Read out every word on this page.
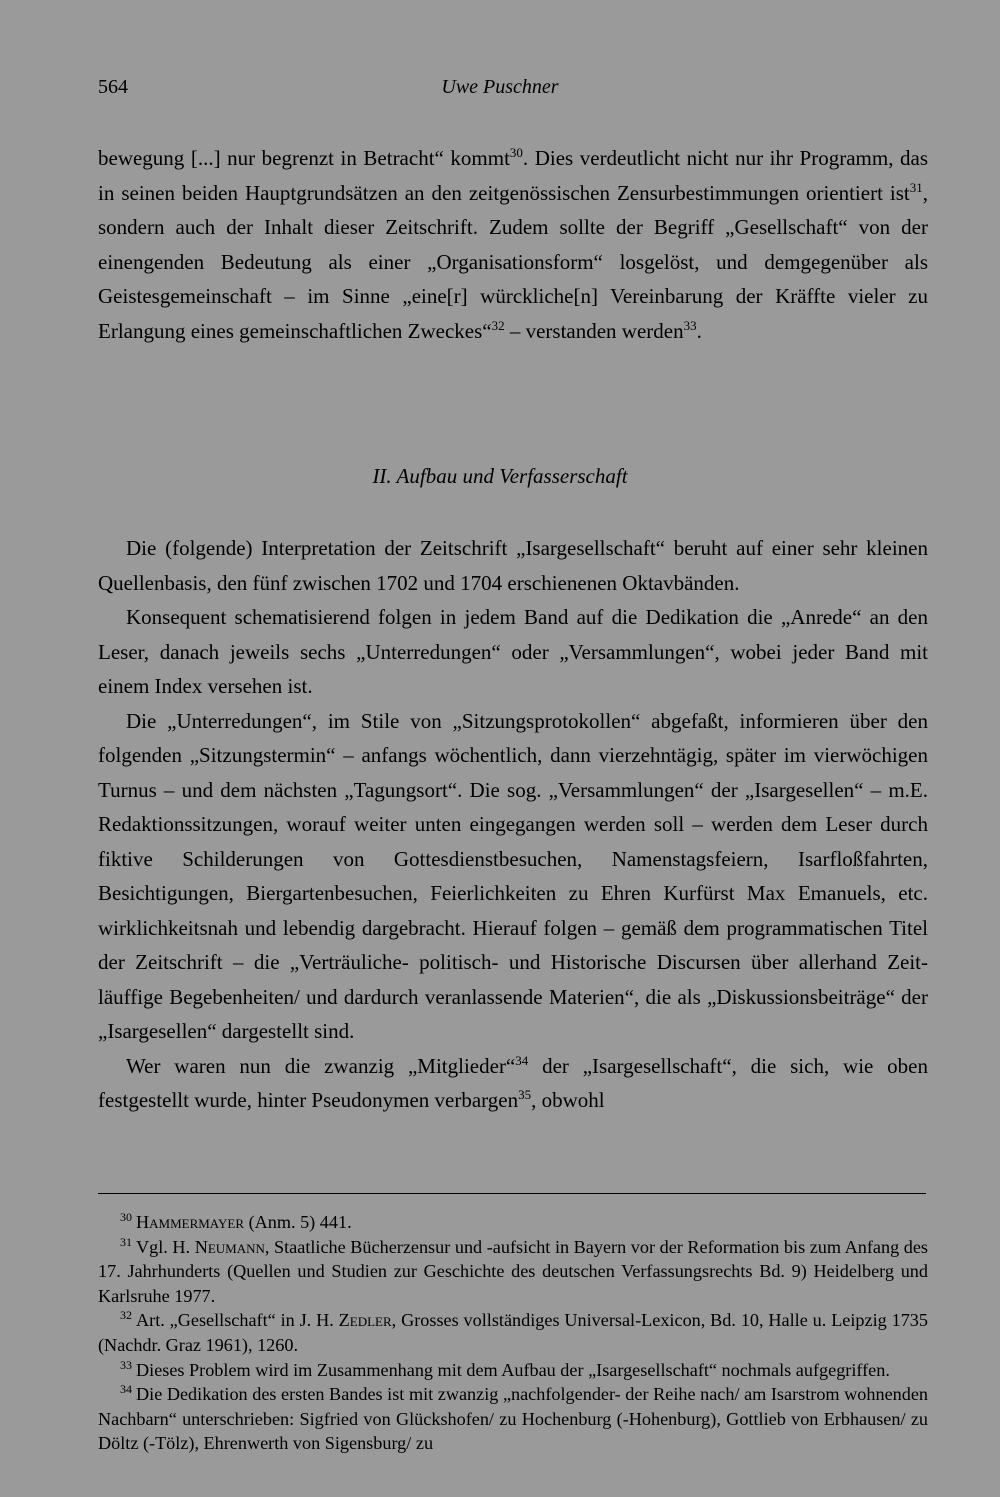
564	Uwe Puschner

bewegung [...] nur begrenzt in Betracht“ kommt$^{30}$. Dies verdeutlicht nicht nur ihr Programm, das in seinen beiden Hauptgrundsätzen an den zeitgenössischen Zensurbestimmungen orientiert ist$^{31}$, sondern auch der Inhalt dieser Zeitschrift. Zudem sollte der Begriff „Gesellschaft“ von der einengenden Bedeutung als einer „Organisationsform“ losgelöst, und demgegenüber als Geistesgemeinschaft – im Sinne „eine[r] würckliche[n] Vereinbarung der Kräffte vieler zu Erlangung eines gemeinschaftlichen Zweckes“$^{32}$ – verstanden werden$^{33}$.

II. Aufbau und Verfasserschaft

Die (folgende) Interpretation der Zeitschrift „Isargesellschaft“ beruht auf einer sehr kleinen Quellenbasis, den fünf zwischen 1702 und 1704 erschienenen Oktavbänden.

Konsequent schematisierend folgen in jedem Band auf die Dedikation die „Anrede“ an den Leser, danach jeweils sechs „Unterredungen“ oder „Versammlungen“, wobei jeder Band mit einem Index versehen ist.

Die „Unterredungen“, im Stile von „Sitzungsprotokollen“ abgefaßt, informieren über den folgenden „Sitzungstermin“ – anfangs wöchentlich, dann vierzehntägig, später im vierwöchigen Turnus – und dem nächsten „Tagungsort“. Die sog. „Versammlungen“ der „Isargesellen“ – m.E. Redaktionssitzungen, worauf weiter unten eingegangen werden soll – werden dem Leser durch fiktive Schilderungen von Gottesdienstbesuchen, Namenstagsfeiern, Isarfloßfahrten, Besichtigungen, Biergartenbesuchen, Feierlichkeiten zu Ehren Kurfürst Max Emanuels, etc. wirklichkeitsnah und lebendig dargebracht. Hierauf folgen – gemäß dem programmatischen Titel der Zeitschrift – die „Verträuliche- politisch- und Historische Discursen über allerhand Zeit-läuffige Begebenheiten/ und dardurch veranlassende Materien“, die als „Diskussionsbeiträge“ der „Isargesellen“ dargestellt sind.

Wer waren nun die zwanzig „Mitglieder“$^{34}$ der „Isargesellschaft“, die sich, wie oben festgestellt wurde, hinter Pseudonymen verbargen$^{35}$, obwohl

$^{30}$ Hammermayer (Anm. 5) 441.

$^{31}$ Vgl. H. Neumann, Staatliche Bücherzensur und -aufsicht in Bayern vor der Reformation bis zum Anfang des 17. Jahrhunderts (Quellen und Studien zur Geschichte des deutschen Verfassungsrechts Bd. 9) Heidelberg und Karlsruhe 1977.

$^{32}$ Art. „Gesellschaft“ in J. H. Zedler, Grosses vollständiges Universal-Lexicon, Bd. 10, Halle u. Leipzig 1735 (Nachdr. Graz 1961), 1260.

$^{33}$ Dieses Problem wird im Zusammenhang mit dem Aufbau der „Isargesellschaft“ nochmals aufgegriffen.

$^{34}$ Die Dedikation des ersten Bandes ist mit zwanzig „nachfolgender- der Reihe nach/ am Isarstrom wohnenden Nachbarn“ unterschrieben: Sigfried von Glückshofen/ zu Hochenburg (-Hohenburg), Gottlieb von Erbhausen/ zu Döltz (-Tölz), Ehrenwerth von Sigensburg/ zu
